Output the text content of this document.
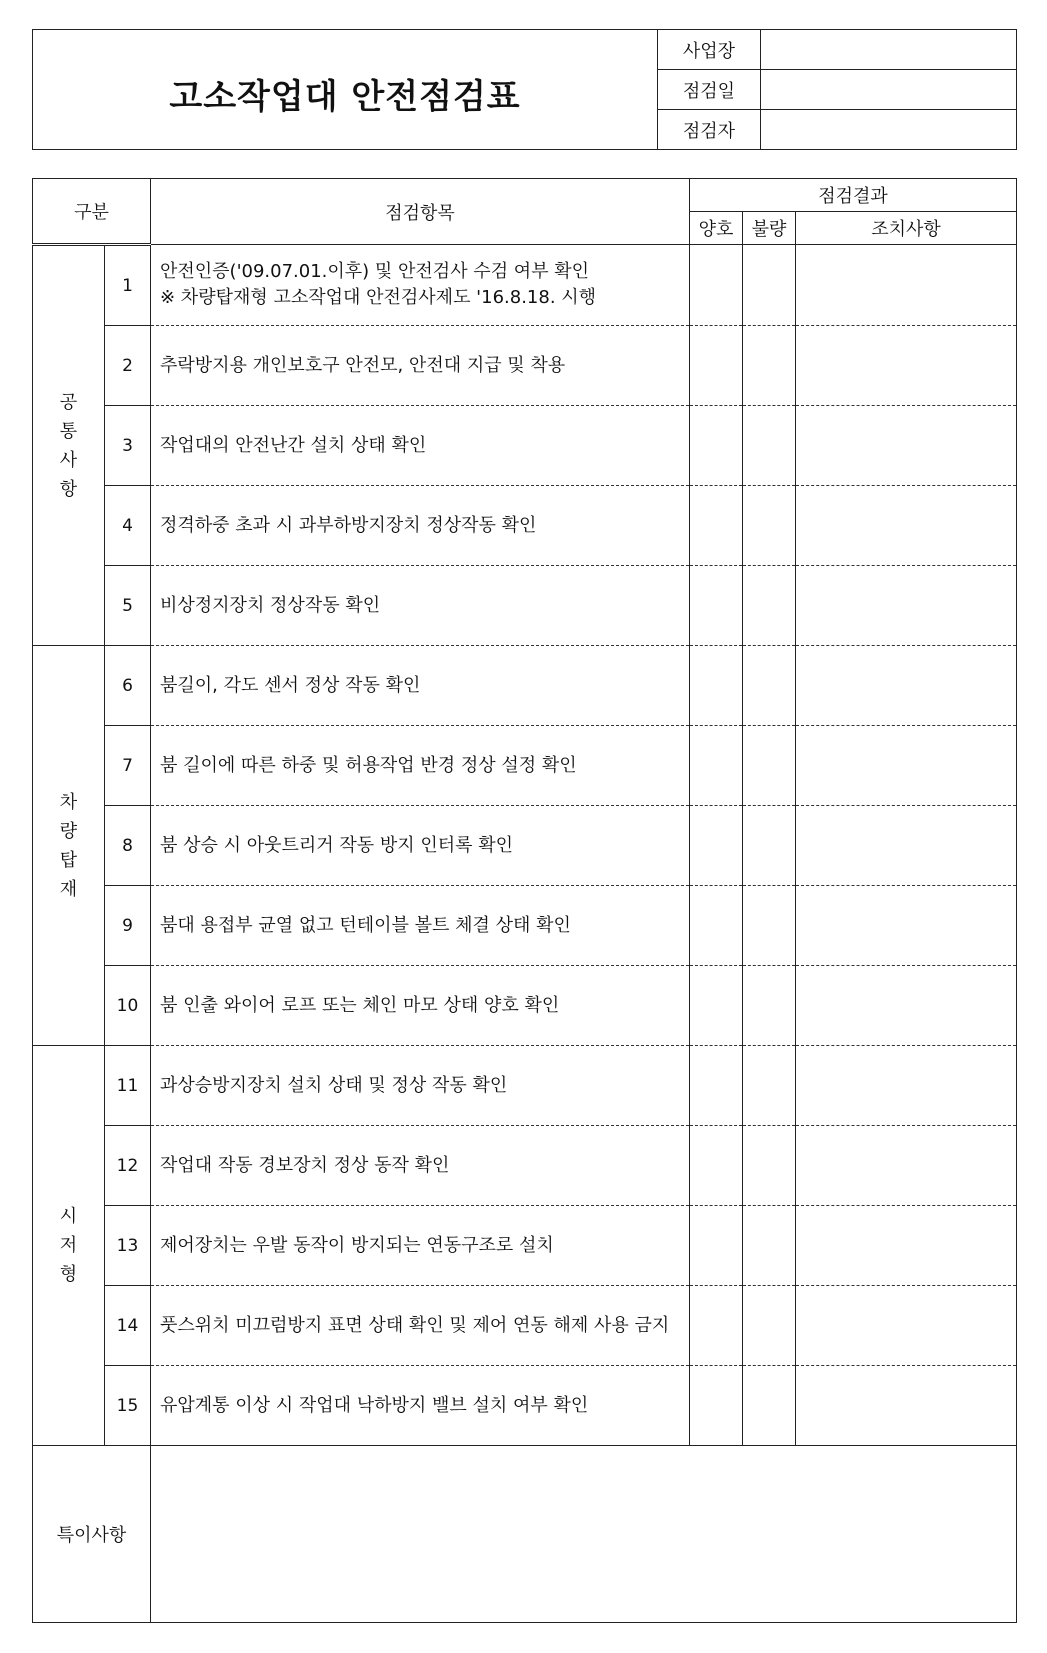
고소작업대 안전점검표	사업장	
	점검일	
	점검자	
구분		점검항목	점검결과		
			양호	불량	조치사항
공
통
사
항	1	안전인증('09.07.01.이후) 및 안전검사 수검 여부 확인
※ 차량탑재형 고소작업대 안전검사제도 '16.8.18. 시행			
	2	추락방지용 개인보호구 안전모, 안전대 지급 및 착용			
	3	작업대의 안전난간 설치 상태 확인			
	4	정격하중 초과 시 과부하방지장치 정상작동 확인			
	5	비상정지장치 정상작동 확인			
차
량
탑
재	6	붐길이, 각도 센서 정상 작동 확인			
	7	붐 길이에 따른 하중 및 허용작업 반경 정상 설정 확인			
	8	붐 상승 시 아웃트리거 작동 방지 인터록 확인			
	9	붐대 용접부 균열 없고 턴테이블 볼트 체결 상태 확인			
	10	붐 인출 와이어 로프 또는 체인 마모 상태 양호 확인			
시
저
형	11	과상승방지장치 설치 상태 및 정상 작동 확인			
	12	작업대 작동 경보장치 정상 동작 확인			
	13	제어장치는 우발 동작이 방지되는 연동구조로 설치			
	14	풋스위치 미끄럼방지 표면 상태 확인 및 제어 연동 해제 사용 금지			
	15	유압계통 이상 시 작업대 낙하방지 밸브 설치 여부 확인			
특이사항					
